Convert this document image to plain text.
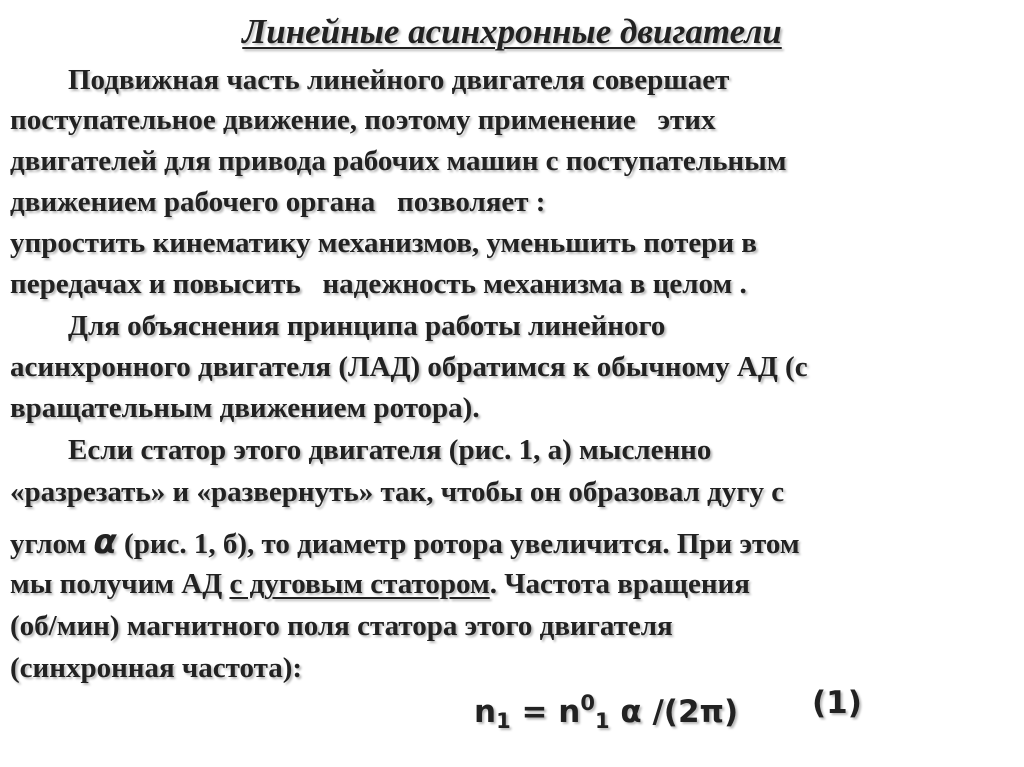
Линейные асинхронные двигатели
Подвижная часть линейного двигателя совершает
поступательное движение, поэтому применение   этих
двигателей для привода рабочих машин с поступательным
движением рабочего органа   позволяет :
упростить кинематику механизмов, уменьшить потери в
передачах и повысить   надежность механизма в целом .
Для объяснения принципа работы линейного
асинхронного двигателя (ЛАД) обратимся к обычному АД (с
вращательным движением ротора).
Если статор этого двигателя (рис. 1, а) мысленно
«разрезать» и «развернуть» так, чтобы он образовал дугу с
углом α (рис. 1, б), то диаметр ротора увеличится. При этом
мы получим АД с дуговым статором. Частота вращения
(об/мин) магнитного поля статора этого двигателя
(синхронная частота):
$n_1 = n^0_1$ α /(2π) (1)
